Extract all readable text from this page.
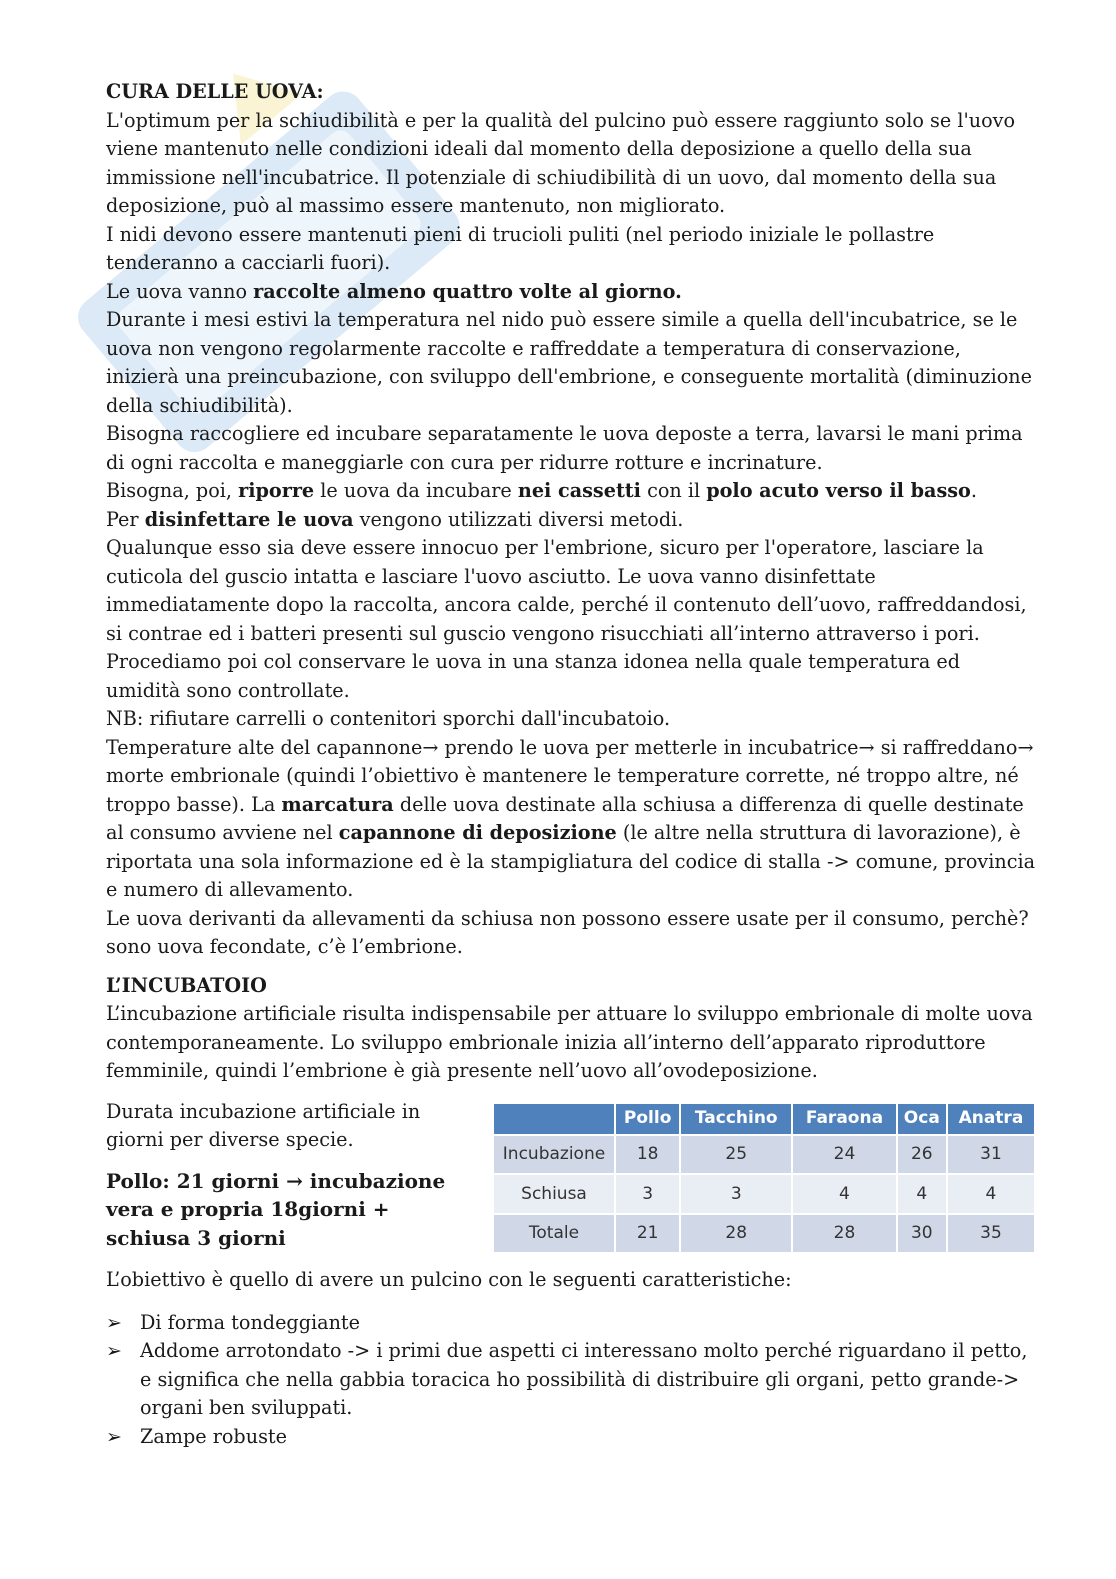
CURA DELLE UOVA:

L'optimum per la schiudibilità e per la qualità del pulcino può essere raggiunto solo se l'uovo viene mantenuto nelle condizioni ideali dal momento della deposizione a quello della sua immissione nell'incubatrice. Il potenziale di schiudibilità di un uovo, dal momento della sua deposizione, può al massimo essere mantenuto, non migliorato.

I nidi devono essere mantenuti pieni di trucioli puliti (nel periodo iniziale le pollastre tenderanno a cacciarli fuori).

Le uova vanno raccolte almeno quattro volte al giorno.

Durante i mesi estivi la temperatura nel nido può essere simile a quella dell'incubatrice, se le uova non vengono regolarmente raccolte e raffreddate a temperatura di conservazione, inizierà una preincubazione, con sviluppo dell'embrione, e conseguente mortalità (diminuzione della schiudibilità).

Bisogna raccogliere ed incubare separatamente le uova deposte a terra, lavarsi le mani prima di ogni raccolta e maneggiarle con cura per ridurre rotture e incrinature.

Bisogna, poi, riporre le uova da incubare nei cassetti con il polo acuto verso il basso.

Per disinfettare le uova vengono utilizzati diversi metodi.

Qualunque esso sia deve essere innocuo per l'embrione, sicuro per l'operatore, lasciare la cuticola del guscio intatta e lasciare l'uovo asciutto. Le uova vanno disinfettate immediatamente dopo la raccolta, ancora calde, perché il contenuto dell’uovo, raffreddandosi, si contrae ed i batteri presenti sul guscio vengono risucchiati all’interno attraverso i pori.

Procediamo poi col conservare le uova in una stanza idonea nella quale temperatura ed umidità sono controllate.

NB: rifiutare carrelli o contenitori sporchi dall'incubatoio.

Temperature alte del capannone→ prendo le uova per metterle in incubatrice→ si raffreddano→ morte embrionale (quindi l’obiettivo è mantenere le temperature corrette, né troppo altre, né troppo basse). La marcatura delle uova destinate alla schiusa a differenza di quelle destinate al consumo avviene nel capannone di deposizione (le altre nella struttura di lavorazione), è riportata una sola informazione ed è la stampigliatura del codice di stalla -> comune, provincia e numero di allevamento.

Le uova derivanti da allevamenti da schiusa non possono essere usate per il consumo, perchè? sono uova fecondate, c’è l’embrione.

L’INCUBATOIO

L’incubazione artificiale risulta indispensabile per attuare lo sviluppo embrionale di molte uova contemporaneamente. Lo sviluppo embrionale inizia all’interno dell’apparato riproduttore femminile, quindi l’embrione è già presente nell’uovo all’ovodeposizione.

Durata incubazione artificiale in giorni per diverse specie.

Pollo: 21 giorni → incubazione vera e propria 18giorni + schiusa 3 giorni

	Pollo	Tacchino	Faraona	Oca	Anatra
Incubazione	18	25	24	26	31
Schiusa	3	3	4	4	4
Totale	21	28	28	30	35

L’obiettivo è quello di avere un pulcino con le seguenti caratteristiche:

➢ Di forma tondeggiante
➢ Addome arrotondato -> i primi due aspetti ci interessano molto perché riguardano il petto, e significa che nella gabbia toracica ho possibilità di distribuire gli organi, petto grande-> organi ben sviluppati.
➢ Zampe robuste
